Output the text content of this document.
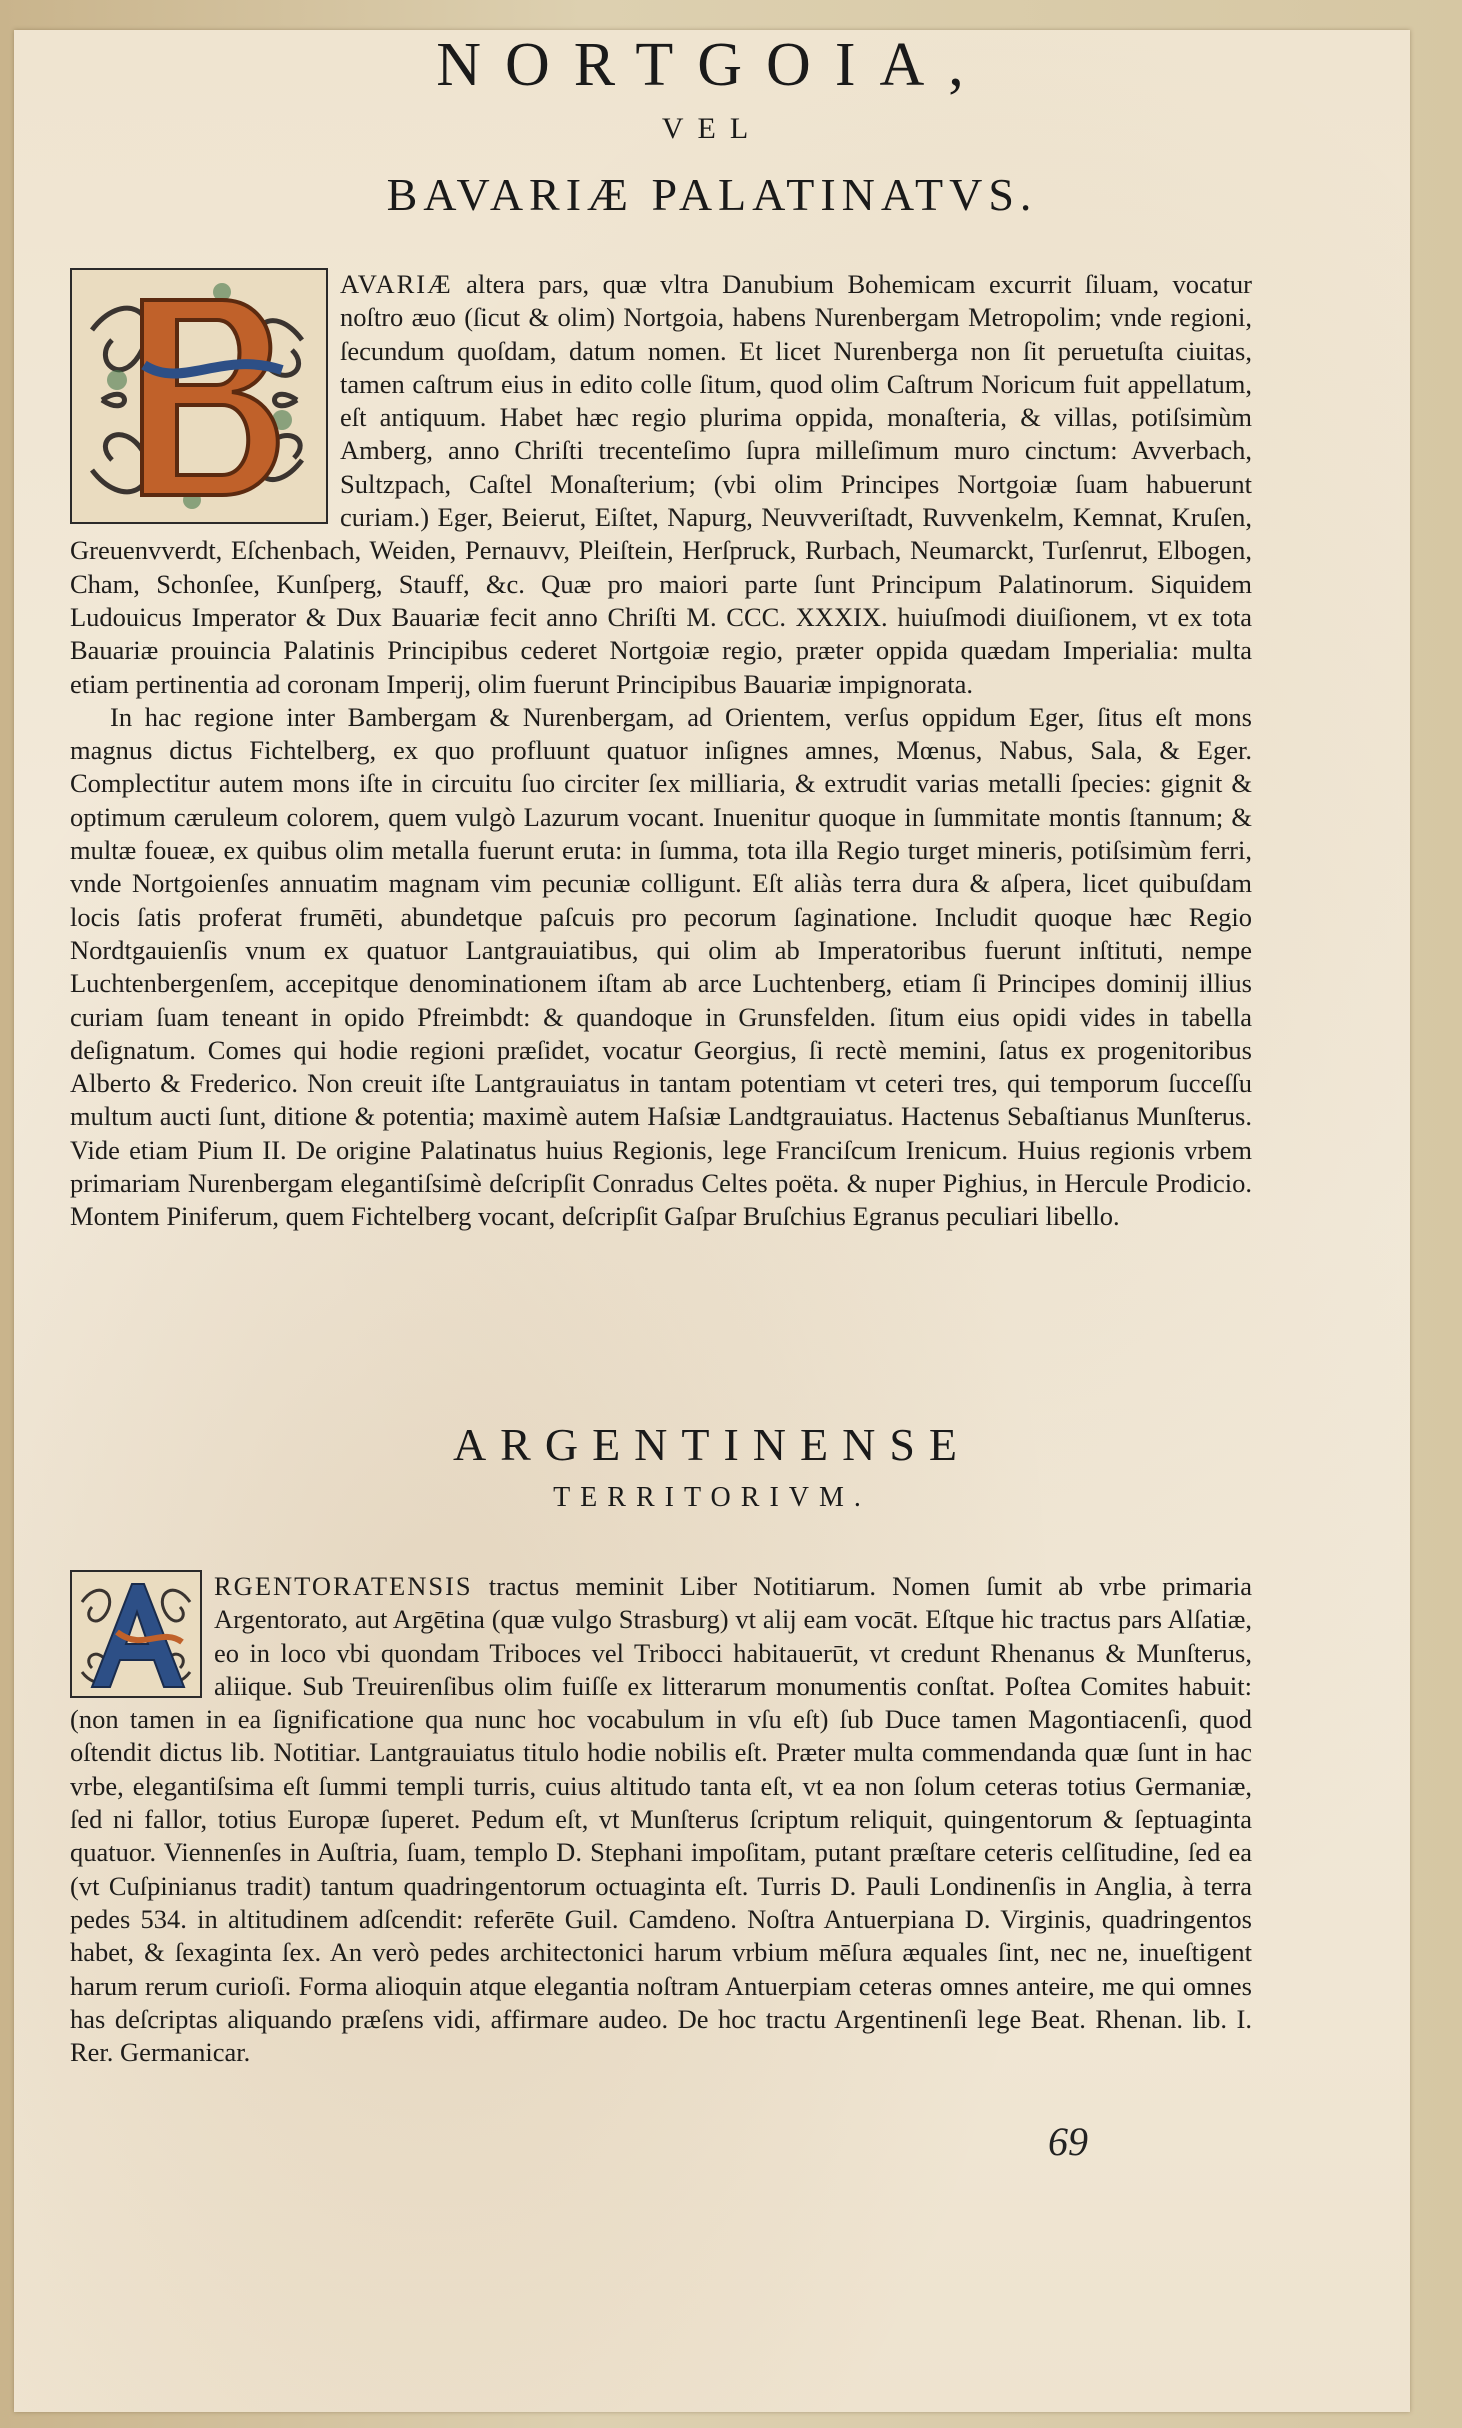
NORTGOIA,
VEL
BAVARIÆ PALATINATVS.
AVARIÆ altera pars, quæ vltra Danubium Bohemicam excurrit ſiluam, vocatur noſtro æuo (ſicut & olim) Nortgoia, habens Nurenbergam Metropolim; vnde regioni, ſecundum quoſdam, datum nomen. Et licet Nurenberga non ſit peruetuſta ciuitas, tamen caſtrum eius in edito colle ſitum, quod olim Caſtrum Noricum fuit appellatum, eſt antiquum. Habet hæc regio plurima oppida, monaſteria, & villas, potiſsimùm Amberg, anno Chriſti trecenteſimo ſupra milleſimum muro cinctum: Avverbach, Sultzpach, Caſtel Monaſterium; (vbi olim Principes Nortgoiæ ſuam habuerunt curiam.) Eger, Beierut, Eiſtet, Napurg, Neuvveriſtadt, Ruvvenkelm, Kemnat, Kruſen, Greuenvverdt, Eſchenbach, Weiden, Pernauvv, Pleiſtein, Herſpruck, Rurbach, Neumarckt, Turſenrut, Elbogen, Cham, Schonſee, Kunſperg, Stauff, &c. Quæ pro maiori parte ſunt Principum Palatinorum. Siquidem Ludouicus Imperator & Dux Bauariæ fecit anno Chriſti M. CCC. XXXIX. huiuſmodi diuiſionem, vt ex tota Bauariæ prouincia Palatinis Principibus cederet Nortgoiæ regio, præter oppida quædam Imperialia: multa etiam pertinentia ad coronam Imperij, olim fuerunt Principibus Bauariæ impignorata.

In hac regione inter Bambergam & Nurenbergam, ad Orientem, verſus oppidum Eger, ſitus eſt mons magnus dictus Fichtelberg, ex quo profluunt quatuor inſignes amnes, Mœnus, Nabus, Sala, & Eger. Complectitur autem mons iſte in circuitu ſuo circiter ſex milliaria, & extrudit varias metalli ſpecies: gignit & optimum cæruleum colorem, quem vulgò Lazurum vocant. Inuenitur quoque in ſummitate montis ſtannum; & multæ foueæ, ex quibus olim metalla fuerunt eruta: in ſumma, tota illa Regio turget mineris, potiſsimùm ferri, vnde Nortgoienſes annuatim magnam vim pecuniæ colligunt. Eſt aliàs terra dura & aſpera, licet quibuſdam locis ſatis proferat frumēti, abundetque paſcuis pro pecorum ſaginatione. Includit quoque hæc Regio Nordtgauienſis vnum ex quatuor Lantgrauiatibus, qui olim ab Imperatoribus fuerunt inſtituti, nempe Luchtenbergenſem, accepitque denominationem iſtam ab arce Luchtenberg, etiam ſi Principes dominij illius curiam ſuam teneant in opido Pfreimbdt: & quandoque in Grunsfelden. ſitum eius opidi vides in tabella deſignatum. Comes qui hodie regioni præſidet, vocatur Georgius, ſi rectè memini, ſatus ex progenitoribus Alberto & Frederico. Non creuit iſte Lantgrauiatus in tantam potentiam vt ceteri tres, qui temporum ſucceſſu multum aucti ſunt, ditione & potentia; maximè autem Haſsiæ Landtgrauiatus. Hactenus Sebaſtianus Munſterus. Vide etiam Pium II. De origine Palatinatus huius Regionis, lege Franciſcum Irenicum. Huius regionis vrbem primariam Nurenbergam elegantiſsimè deſcripſit Conradus Celtes poëta. & nuper Pighius, in Hercule Prodicio. Montem Piniferum, quem Fichtelberg vocant, deſcripſit Gaſpar Bruſchius Egranus peculiari libello.

ARGENTINENSE
TERRITORIVM.
RGENTORATENSIS tractus meminit Liber Notitiarum. Nomen ſumit ab vrbe primaria Argentorato, aut Argētina (quæ vulgo Strasburg) vt alij eam vocāt. Eſtque hic tractus pars Alſatiæ, eo in loco vbi quondam Triboces vel Tribocci habitauerūt, vt credunt Rhenanus & Munſterus, aliique. Sub Treuirenſibus olim fuiſſe ex litterarum monumentis conſtat. Poſtea Comites habuit: (non tamen in ea ſignificatione qua nunc hoc vocabulum in vſu eſt) ſub Duce tamen Magontiacenſi, quod oſtendit dictus lib. Notitiar. Lantgrauiatus titulo hodie nobilis eſt. Præter multa commendanda quæ ſunt in hac vrbe, elegantiſsima eſt ſummi templi turris, cuius altitudo tanta eſt, vt ea non ſolum ceteras totius Germaniæ, ſed ni fallor, totius Europæ ſuperet. Pedum eſt, vt Munſterus ſcriptum reliquit, quingentorum & ſeptuaginta quatuor. Viennenſes in Auſtria, ſuam, templo D. Stephani impoſitam, putant præſtare ceteris celſitudine, ſed ea (vt Cuſpinianus tradit) tantum quadringentorum octuaginta eſt. Turris D. Pauli Londinenſis in Anglia, à terra pedes 534. in altitudinem adſcendit: referēte Guil. Camdeno. Noſtra Antuerpiana D. Virginis, quadringentos habet, & ſexaginta ſex. An verò pedes architectonici harum vrbium mēſura æquales ſint, nec ne, inueſtigent harum rerum curioſi. Forma alioquin atque elegantia noſtram Antuerpiam ceteras omnes anteire, me qui omnes has deſcriptas aliquando præſens vidi, affirmare audeo. De hoc tractu Argentinenſi lege Beat. Rhenan. lib. I. Rer. Germanicar.
69
